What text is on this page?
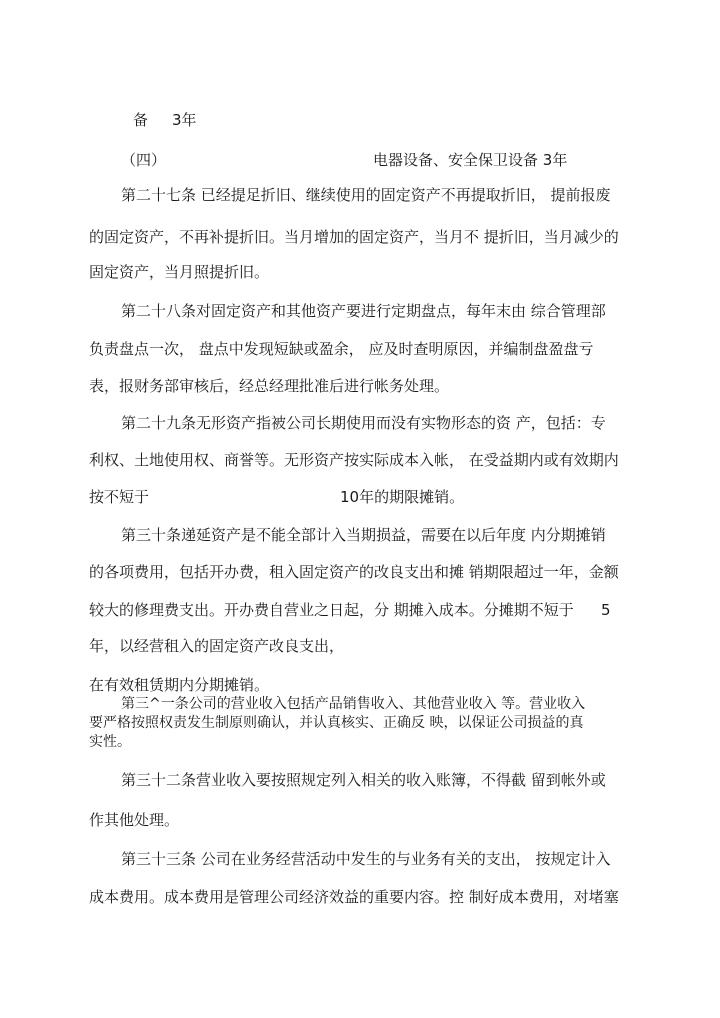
备 3年
（四）	电器设备、安全保卫设备 3年
第二十七条 已经提足折旧、继续使用的固定资产不再提取折旧， 提前报废
的固定资产，不再补提折旧。当月增加的固定资产，当月不 提折旧，当月减少的
固定资产，当月照提折旧。
第二十八条对固定资产和其他资产要进行定期盘点，每年末由 综合管理部
负责盘点一次， 盘点中发现短缺或盈余， 应及时查明原因，并编制盘盈盘亏
表，报财务部审核后，经总经理批准后进行帐务处理。
第二十九条无形资产指被公司长期使用而没有实物形态的资 产，包括：专
利权、土地使用权、商誉等。无形资产按实际成本入帐， 在受益期内或有效期内
按不短于	10年的期限摊销。
第三十条递延资产是不能全部计入当期损益，需要在以后年度 内分期摊销
的各项费用，包括开办费，租入固定资产的改良支出和摊 销期限超过一年，金额
较大的修理费支出。开办费自营业之日起，分 期摊入成本。分摊期不短于 5
年，以经营租入的固定资产改良支出，
在有效租赁期内分期摊销。
第三^一条公司的营业收入包括产品销售收入、其他营业收入 等。营业收入
要严格按照权责发生制原则确认，并认真核实、正确反 映，以保证公司损益的真
实性。
第三十二条营业收入要按照规定列入相关的收入账簿，不得截 留到帐外或
作其他处理。
第三十三条 公司在业务经营活动中发生的与业务有关的支出， 按规定计入
成本费用。成本费用是管理公司经济效益的重要内容。控 制好成本费用，对堵塞
